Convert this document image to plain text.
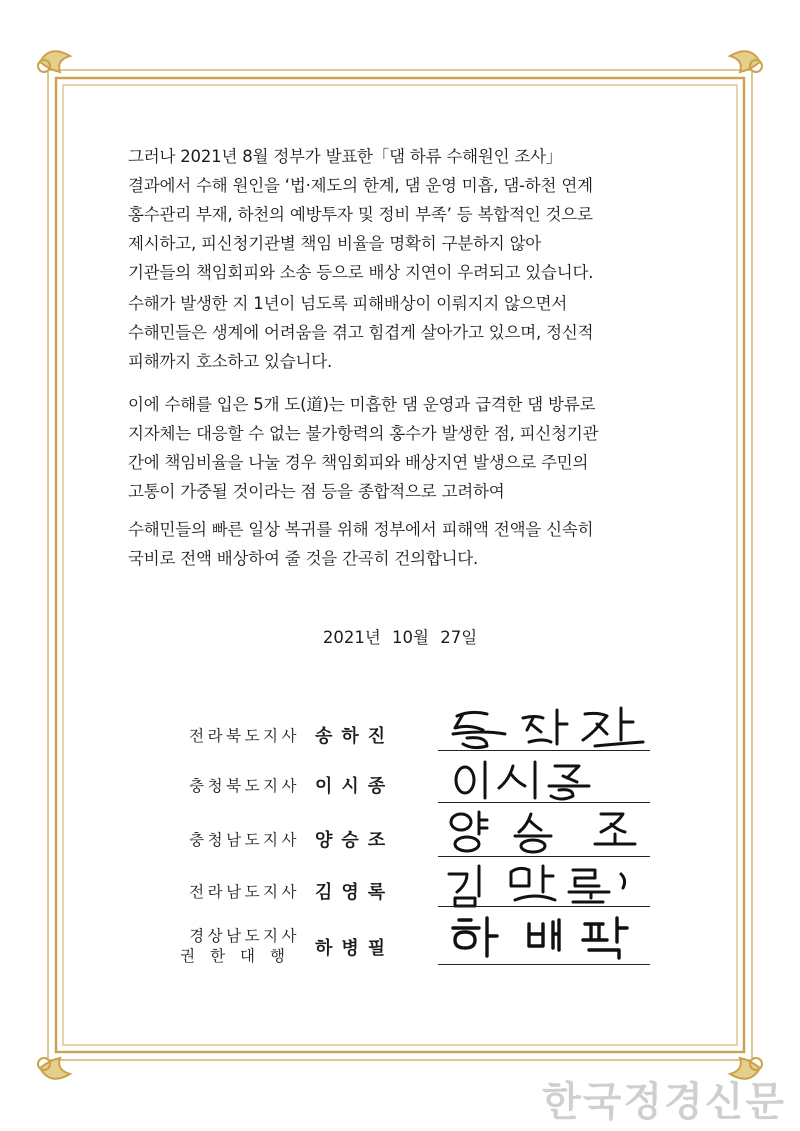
그러나 2021년 8월 정부가 발표한「댐 하류 수해원인 조사」
결과에서 수해 원인을 ‘법·제도의 한계, 댐 운영 미흡, 댐-하천 연계
홍수관리 부재, 하천의 예방투자 및 정비 부족’ 등 복합적인 것으로
제시하고, 피신청기관별 책임 비율을 명확히 구분하지 않아
기관들의 책임회피와 소송 등으로 배상 지연이 우려되고 있습니다.

수해가 발생한 지 1년이 넘도록 피해배상이 이뤄지지 않으면서
수해민들은 생계에 어려움을 겪고 힘겹게 살아가고 있으며, 정신적
피해까지 호소하고 있습니다.

이에 수해를 입은 5개 도(道)는 미흡한 댐 운영과 급격한 댐 방류로
지자체는 대응할 수 없는 불가항력의 홍수가 발생한 점, 피신청기관
간에 책임비율을 나눌 경우 책임회피와 배상지연 발생으로 주민의
고통이 가중될 것이라는 점 등을 종합적으로 고려하여

수해민들의 빠른 일상 복귀를 위해 정부에서 피해액 전액을 신속히
국비로 전액 배상하여 줄 것을 간곡히 건의합니다.

2021년 10월 27일
전라북도지사 송하진
충청북도지사 이시종
충청남도지사 양승조
전라남도지사 김영록
경상남도지사
권한대행 하병필
한국정경신문
